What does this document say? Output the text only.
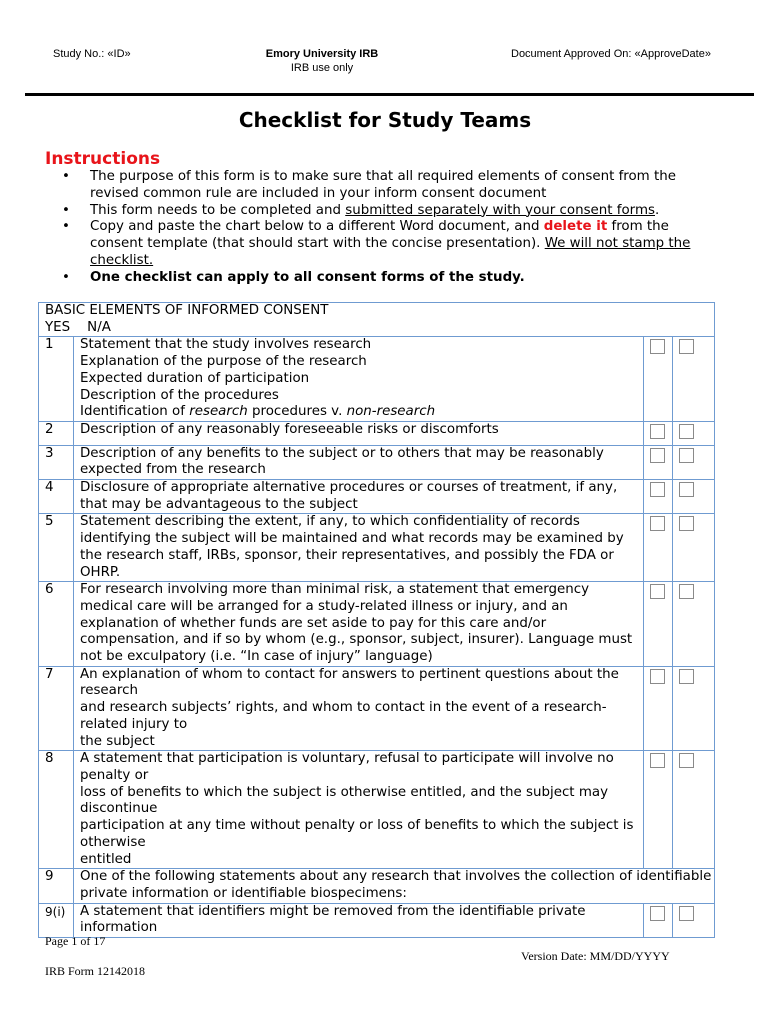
Study No.: «ID»	Emory University IRB
IRB use only
Document Approved On: «ApproveDate»
Checklist for Study Teams
Instructions
• The purpose of this form is to make sure that all required elements of consent from the revised common rule are included in your inform consent document
• This form needs to be completed and submitted separately with your consent forms.
• Copy and paste the chart below to a different Word document, and delete it from the consent template (that should start with the concise presentation). We will not stamp the checklist.
• One checklist can apply to all consent forms of the study.
BASIC ELEMENTS OF INFORMED CONSENT
YES N/A			

1	Statement that the study involves research
Explanation of the purpose of the research
Expected duration of participation
Description of the procedures
Identification of research procedures v. non-research		

2	Description of any reasonably foreseeable risks or discomforts		
3	Description of any benefits to the subject or to others that may be reasonably expected from the research		
4	Disclosure of appropriate alternative procedures or courses of treatment, if any, that may be advantageous to the subject		
5	Statement describing the extent, if any, to which confidentiality of records identifying the subject will be maintained and what records may be examined by the research staff, IRBs, sponsor, their representatives, and possibly the FDA or OHRP.		
6	For research involving more than minimal risk, a statement that emergency medical care will be arranged for a study-related illness or injury, and an explanation of whether funds are set aside to pay for this care and/or compensation, and if so by whom (e.g., sponsor, subject, insurer). Language must not be exculpatory (i.e. “In case of injury” language)		
7	An explanation of whom to contact for answers to pertinent questions about the research
and research subjects’ rights, and whom to contact in the event of a research-related injury to
the subject		

8	A statement that participation is voluntary, refusal to participate will involve no penalty or
loss of benefits to which the subject is otherwise entitled, and the subject may discontinue
participation at any time without penalty or loss of benefits to which the subject is otherwise
entitled		

9	One of the following statements about any research that involves the collection of identifiable private information or identifiable biospecimens:		
9(i)	A statement that identifiers might be removed from the identifiable private information		
Page 1 of 17
Version Date: MM/DD/YYYY
IRB Form 12142018
